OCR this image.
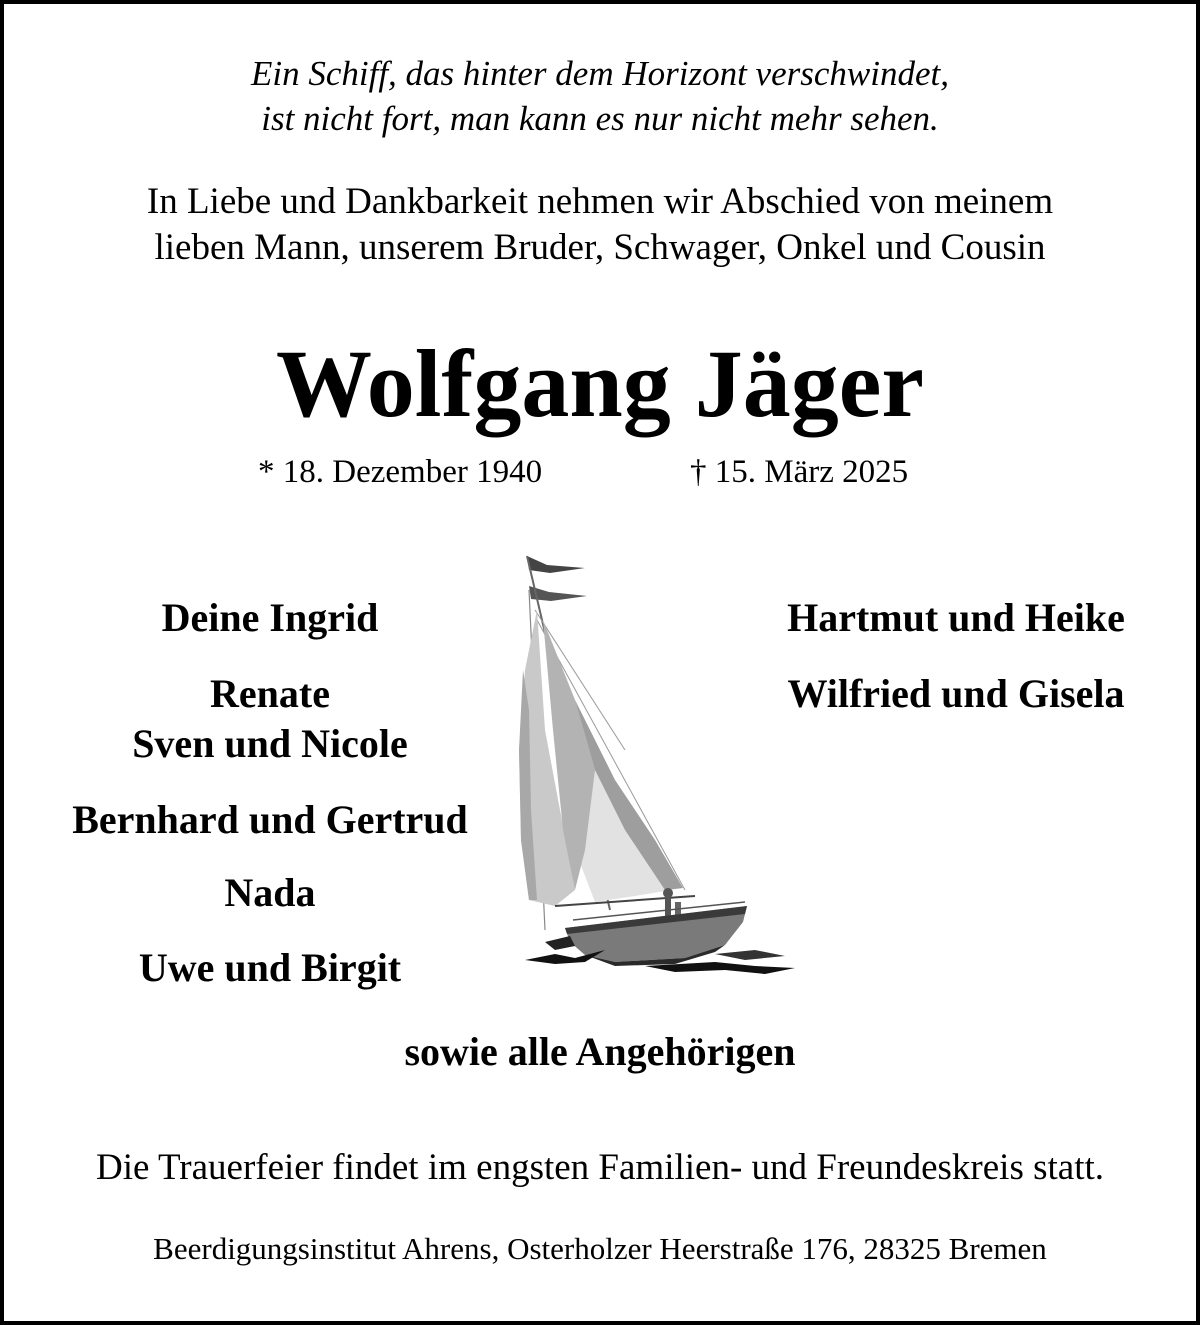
Ein Schiff, das hinter dem Horizont verschwindet,
ist nicht fort, man kann es nur nicht mehr sehen.
In Liebe und Dankbarkeit nehmen wir Abschied von meinem
lieben Mann, unserem Bruder, Schwager, Onkel und Cousin
Wolfgang Jäger
* 18. Dezember 1940	† 15. März 2025
Deine Ingrid
Renate
Sven und Nicole
Bernhard und Gertrud
Nada
Uwe und Birgit
Hartmut und Heike
Wilfried und Gisela
sowie alle Angehörigen
Die Trauerfeier findet im engsten Familien- und Freundeskreis statt.
Beerdigungsinstitut Ahrens, Osterholzer Heerstraße 176, 28325 Bremen
